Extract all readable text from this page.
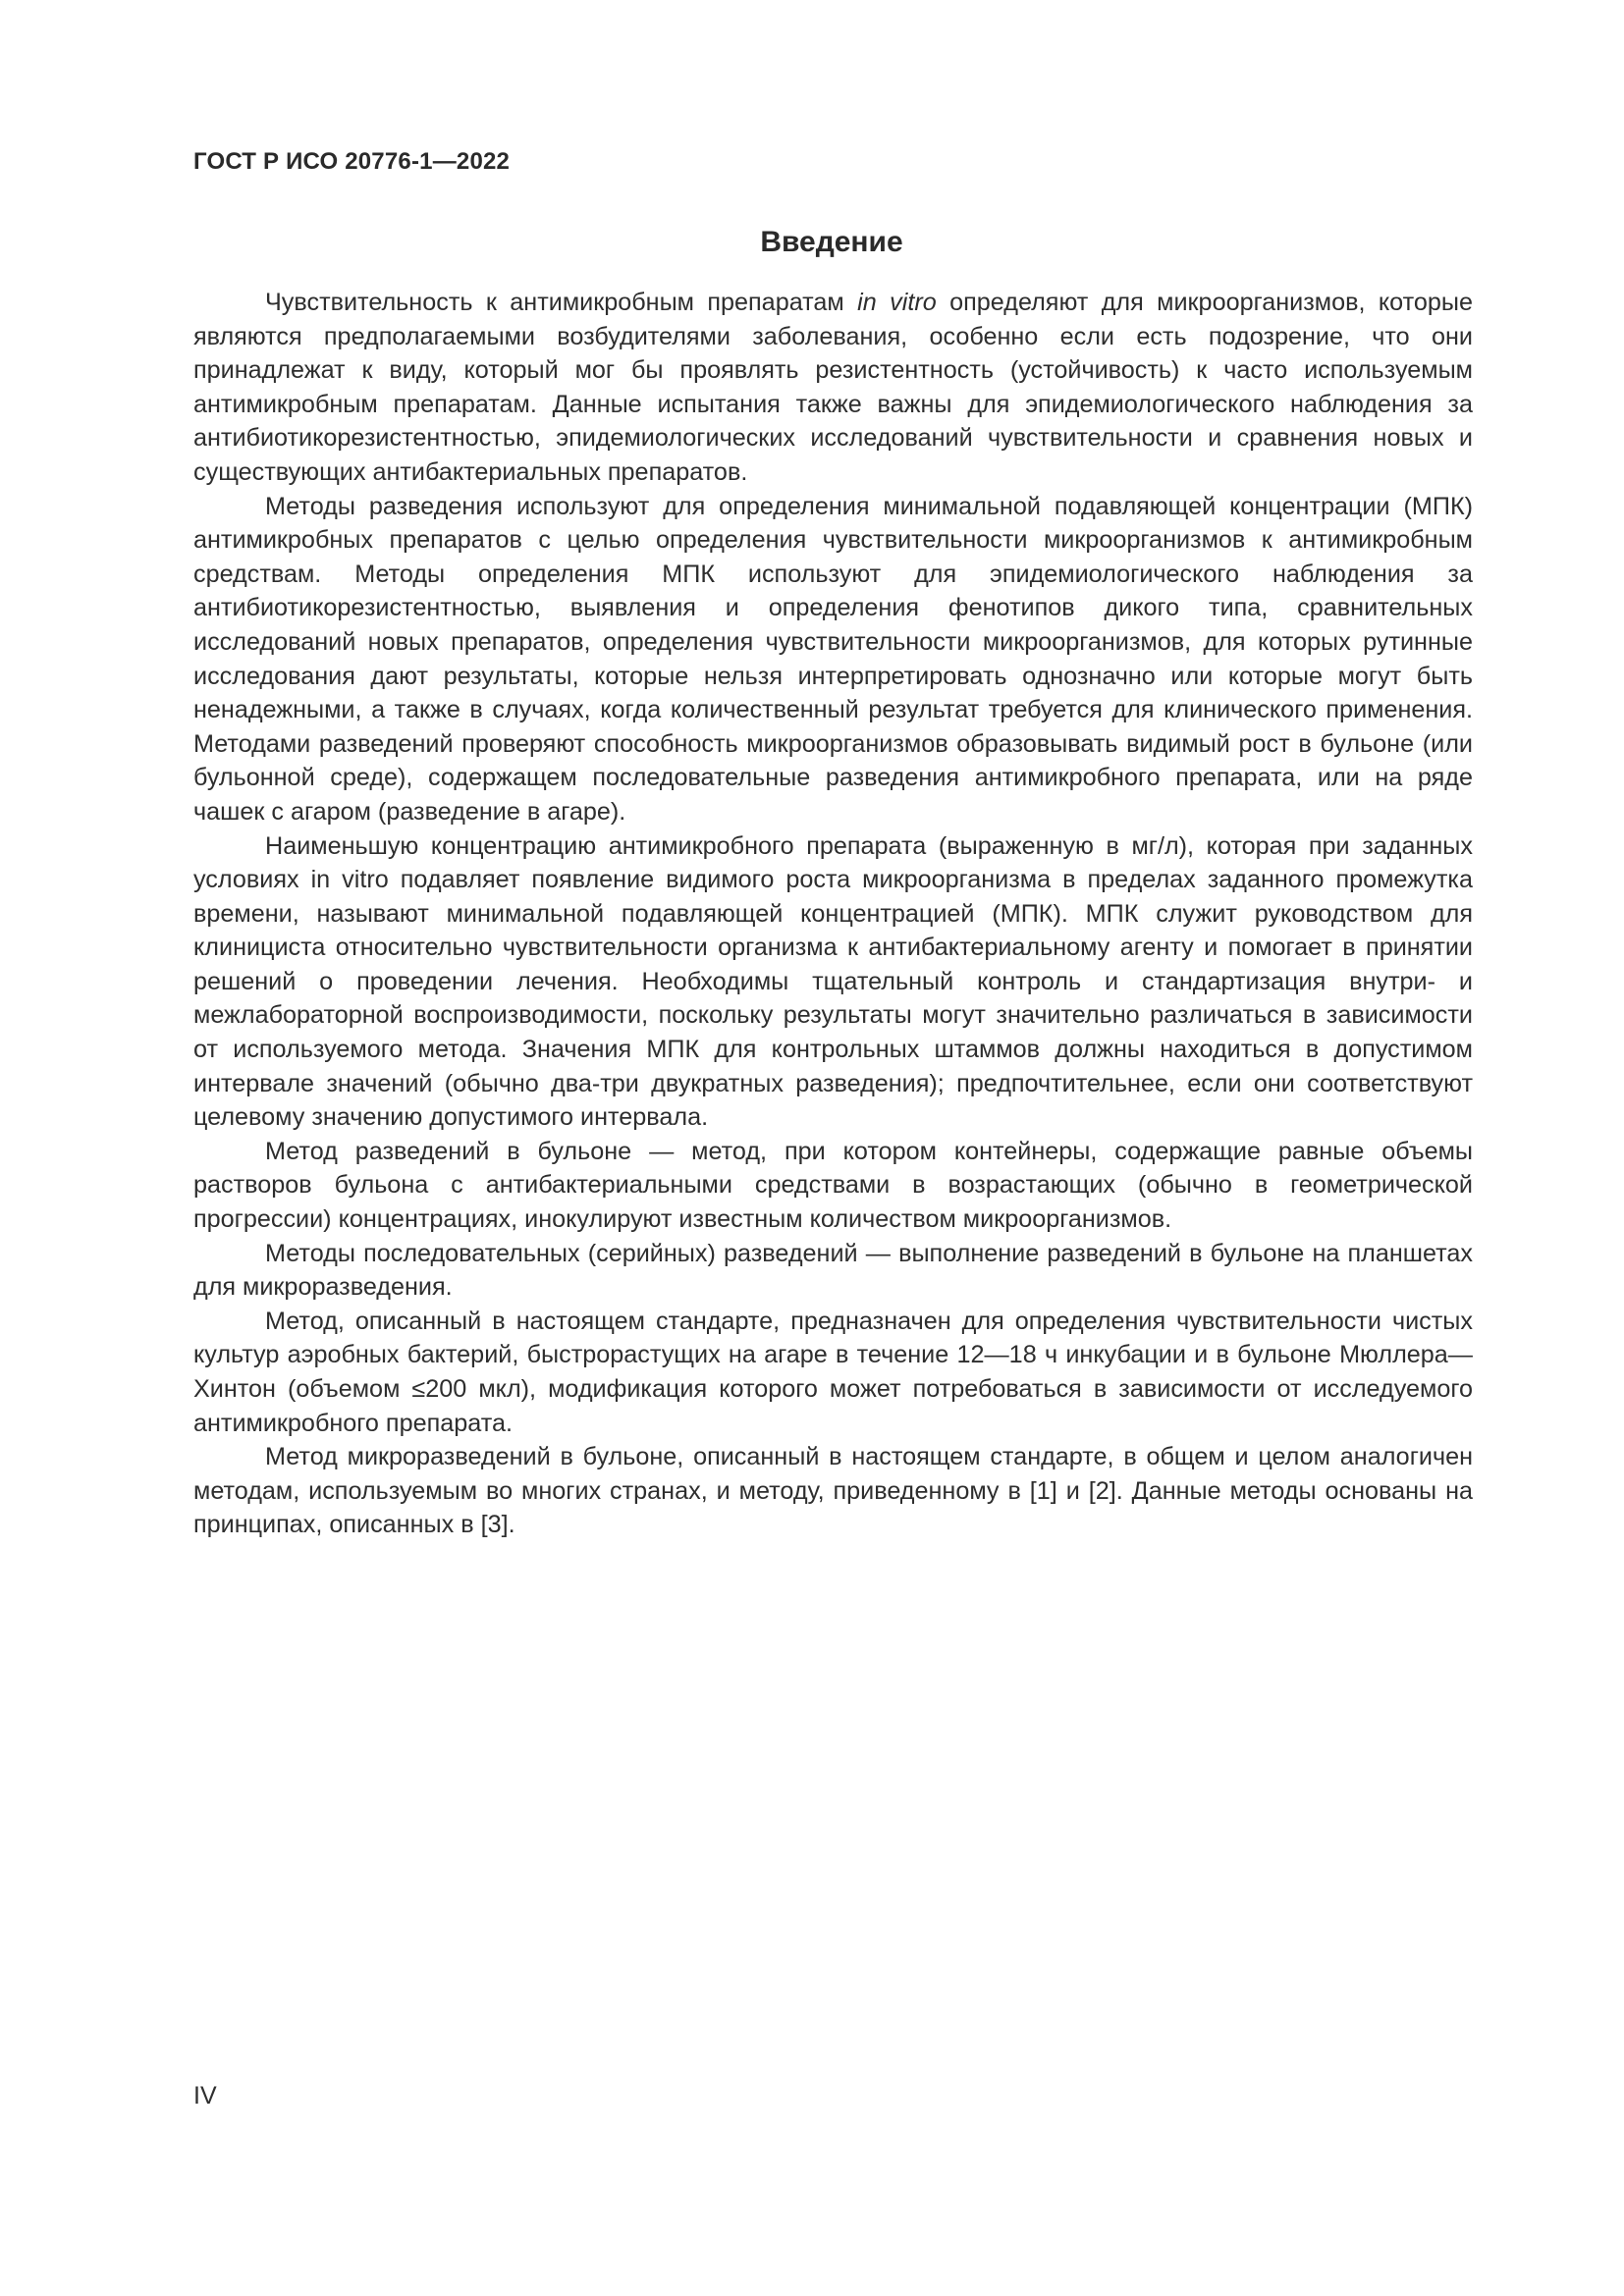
ГОСТ Р ИСО 20776-1—2022
Введение

Чувствительность к антимикробным препаратам in vitro определяют для микроорганизмов, которые являются предполагаемыми возбудителями заболевания, особенно если есть подозрение, что они принадлежат к виду, который мог бы проявлять резистентность (устойчивость) к часто используемым антимикробным препаратам. Данные испытания также важны для эпидемиологического наблюдения за антибиотикорезистентностью, эпидемиологических исследований чувствительности и сравнения новых и существующих антибактериальных препаратов.

Методы разведения используют для определения минимальной подавляющей концентрации (МПК) антимикробных препаратов с целью определения чувствительности микроорганизмов к антимикробным средствам. Методы определения МПК используют для эпидемиологического наблюдения за антибиотикорезистентностью, выявления и определения фенотипов дикого типа, сравнительных исследований новых препаратов, определения чувствительности микроорганизмов, для которых рутинные исследования дают результаты, которые нельзя интерпретировать однозначно или которые могут быть ненадежными, а также в случаях, когда количественный результат требуется для клинического применения. Методами разведений проверяют способность микроорганизмов образовывать видимый рост в бульоне (или бульонной среде), содержащем последовательные разведения антимикробного препарата, или на ряде чашек с агаром (разведение в агаре).

Наименьшую концентрацию антимикробного препарата (выраженную в мг/л), которая при заданных условиях in vitro подавляет появление видимого роста микроорганизма в пределах заданного промежутка времени, называют минимальной подавляющей концентрацией (МПК). МПК служит руководством для клинициста относительно чувствительности организма к антибактериальному агенту и помогает в принятии решений о проведении лечения. Необходимы тщательный контроль и стандартизация внутри- и межлабораторной воспроизводимости, поскольку результаты могут значительно различаться в зависимости от используемого метода. Значения МПК для контрольных штаммов должны находиться в допустимом интервале значений (обычно два-три двукратных разведения); предпочтительнее, если они соответствуют целевому значению допустимого интервала.

Метод разведений в бульоне — метод, при котором контейнеры, содержащие равные объемы растворов бульона с антибактериальными средствами в возрастающих (обычно в геометрической прогрессии) концентрациях, инокулируют известным количеством микроорганизмов.

Методы последовательных (серийных) разведений — выполнение разведений в бульоне на планшетах для микроразведения.

Метод, описанный в настоящем стандарте, предназначен для определения чувствительности чистых культур аэробных бактерий, быстрорастущих на агаре в течение 12—18 ч инкубации и в бульоне Мюллера—Хинтон (объемом ≤200 мкл), модификация которого может потребоваться в зависимости от исследуемого антимикробного препарата.

Метод микроразведений в бульоне, описанный в настоящем стандарте, в общем и целом аналогичен методам, используемым во многих странах, и методу, приведенному в [1] и [2]. Данные методы основаны на принципах, описанных в [3].

IV
